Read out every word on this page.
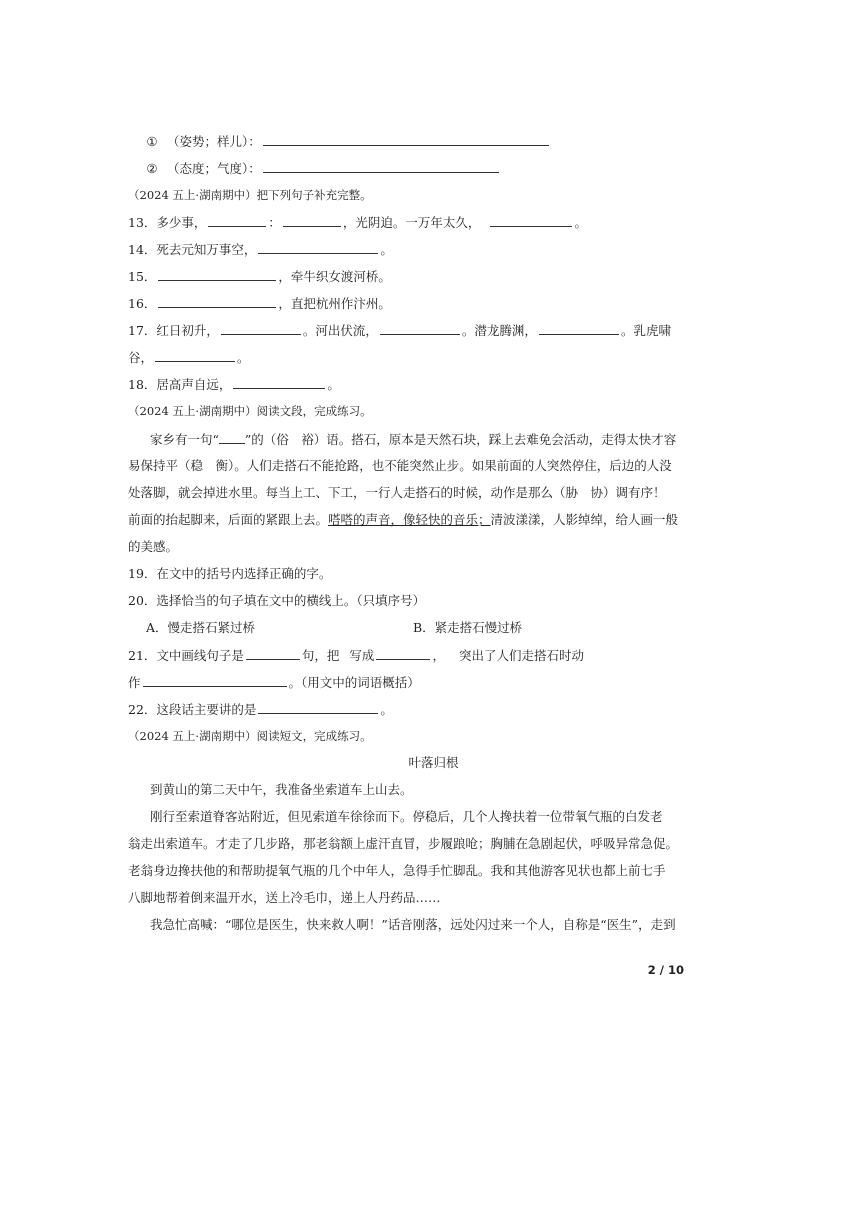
① （姿势；样儿）：
② （态度；气度）：
（2024 五上·湖南期中）把下列句子补充完整。
13．多少事，	：	，光阴迫。一万年太久，	。
14．死去元知万事空，	。
15．	，牵牛织女渡河桥。
16．	，直把杭州作汴州。
17．红日初升，	。河出伏流，	。潜龙腾渊，	。乳虎啸
谷，	。
18．居高声自远，	。
（2024 五上·湖南期中）阅读文段，完成练习。
家乡有一句“ ”的（俗　裕）语。搭石，原本是天然石块，踩上去难免会活动，走得太快才容
易保持平（稳　衡）。人们走搭石不能抢路，也不能突然止步。如果前面的人突然停住，后边的人没
处落脚，就会掉进水里。每当上工、下工，一行人走搭石的时候，动作是那么（胁　协）调有序！
前面的抬起脚来，后面的紧跟上去。嗒嗒的声音，像轻快的音乐；清波漾漾，人影绰绰，给人画一般
的美感。
19．在文中的括号内选择正确的字。
20．选择恰当的句子填在文中的横线上。（只填序号）
A．慢走搭石紧过桥	B．紧走搭石慢过桥
21．文中画线句子是	句，把 写成	， 突出了人们走搭石时动
作	。（用文中的词语概括）
22．这段话主要讲的是	。
（2024 五上·湖南期中）阅读短文，完成练习。
叶落归根
到黄山的第二天中午，我准备坐索道车上山去。
刚行至索道脊客站附近，但见索道车徐徐而下。停稳后，几个人搀扶着一位带氧气瓶的白发老
翁走出索道车。才走了几步路，那老翁额上虚汗直冒，步履踉呛；胸脯在急剧起伏，呼吸异常急促。
老翁身边搀扶他的和帮助提氧气瓶的几个中年人，急得手忙脚乱。我和其他游客见状也都上前七手
八脚地帮着倒来温开水，送上冷毛巾，递上人丹药品……
我急忙高喊：“哪位是医生，快来救人啊！”话音刚落，远处闪过来一个人，自称是“医生”，走到
2 / 10
